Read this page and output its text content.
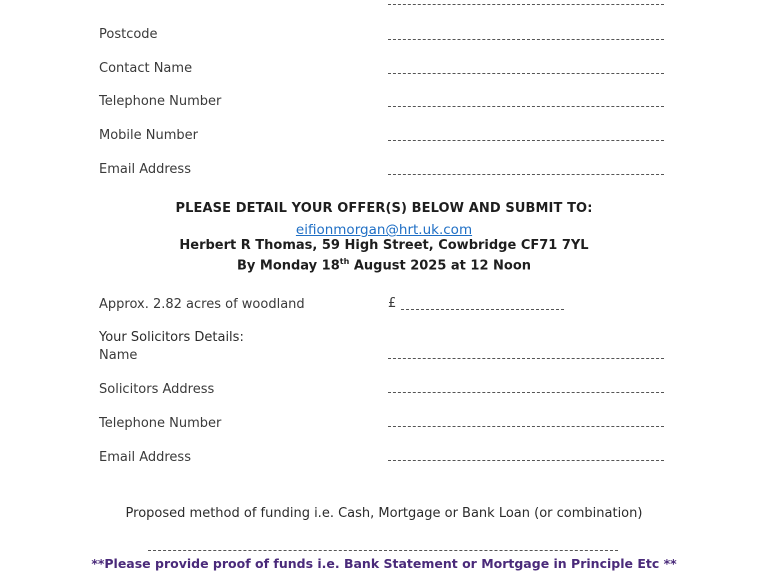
Postcode
Contact Name
Telephone Number
Mobile Number
Email Address
PLEASE DETAIL YOUR OFFER(S) BELOW AND SUBMIT TO:
eifionmorgan@hrt.uk.com
Herbert R Thomas, 59 High Street, Cowbridge CF71 7YL
By Monday 18th August 2025 at 12 Noon
Approx. 2.82 acres of woodland	£
Your Solicitors Details:
Name
Solicitors Address
Telephone Number
Email Address
Proposed method of funding i.e. Cash, Mortgage or Bank Loan (or combination)
**Please provide proof of funds i.e. Bank Statement or Mortgage in Principle Etc **
